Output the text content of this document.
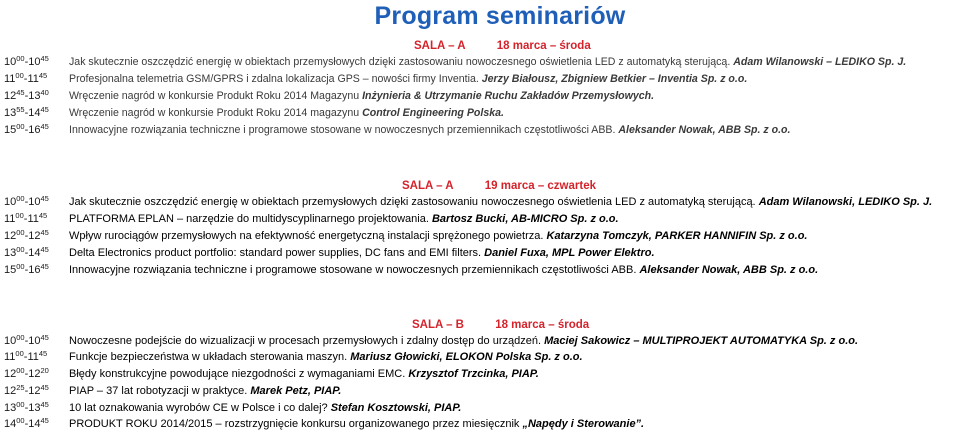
Program seminariów
SALA – A	18 marca – środa
$10^{00}-10^{45}$ Jak skutecznie oszczędzić energię w obiektach przemysłowych dzięki zastosowaniu nowoczesnego oświetlenia LED z automatyką sterującą. Adam Wilanowski – LEDIKO Sp. J.
$11^{00}-11^{45}$ Profesjonalna telemetria GSM/GPRS i zdalna lokalizacja GPS – nowości firmy Inventia. Jerzy Białousz, Zbigniew Betkier – Inventia Sp. z o.o.
$12^{45}-13^{40}$ Wręczenie nagród w konkursie Produkt Roku 2014 Magazynu Inżynieria & Utrzymanie Ruchu Zakładów Przemysłowych.
$13^{55}-14^{45}$ Wręczenie nagród w konkursie Produkt Roku 2014 magazynu Control Engineering Polska.
$15^{00}-16^{45}$ Innowacyjne rozwiązania techniczne i programowe stosowane w nowoczesnych przemiennikach częstotliwości ABB. Aleksander Nowak, ABB Sp. z o.o.
SALA – A	19 marca – czwartek
$10^{00}-10^{45}$ Jak skutecznie oszczędzić energię w obiektach przemysłowych dzięki zastosowaniu nowoczesnego oświetlenia LED z automatyką sterującą. Adam Wilanowski, LEDIKO Sp. J.
$11^{00}-11^{45}$ PLATFORMA EPLAN – narzędzie do multidyscyplinarnego projektowania. Bartosz Bucki, AB-MICRO Sp. z o.o.
$12^{00}-12^{45}$ Wpływ rurociągów przemysłowych na efektywność energetyczną instalacji sprężonego powietrza. Katarzyna Tomczyk, PARKER HANNIFIN Sp. z o.o.
$13^{00}-14^{45}$ Delta Electronics product portfolio: standard power supplies, DC fans and EMI filters. Daniel Fuxa, MPL Power Elektro.
$15^{00}-16^{45}$ Innowacyjne rozwiązania techniczne i programowe stosowane w nowoczesnych przemiennikach częstotliwości ABB. Aleksander Nowak, ABB Sp. z o.o.
SALA – B	18 marca – środa
$10^{00}-10^{45}$ Nowoczesne podejście do wizualizacji w procesach przemysłowych i zdalny dostęp do urządzeń. Maciej Sakowicz – MULTIPROJEKT AUTOMATYKA Sp. z o.o.
$11^{00}-11^{45}$ Funkcje bezpieczeństwa w układach sterowania maszyn. Mariusz Głowicki, ELOKON Polska Sp. z o.o.
$12^{00}-12^{20}$ Błędy konstrukcyjne powodujące niezgodności z wymaganiami EMC. Krzysztof Trzcinka, PIAP.
$12^{25}-12^{45}$ PIAP – 37 lat robotyzacji w praktyce. Marek Petz, PIAP.
$13^{00}-13^{45}$ 10 lat oznakowania wyrobów CE w Polsce i co dalej? Stefan Kosztowski, PIAP.
$14^{00}-14^{45}$ PRODUKT ROKU 2014/2015 – rozstrzygnięcie konkursu organizowanego przez miesięcznik „Napędy i Sterowanie”.
